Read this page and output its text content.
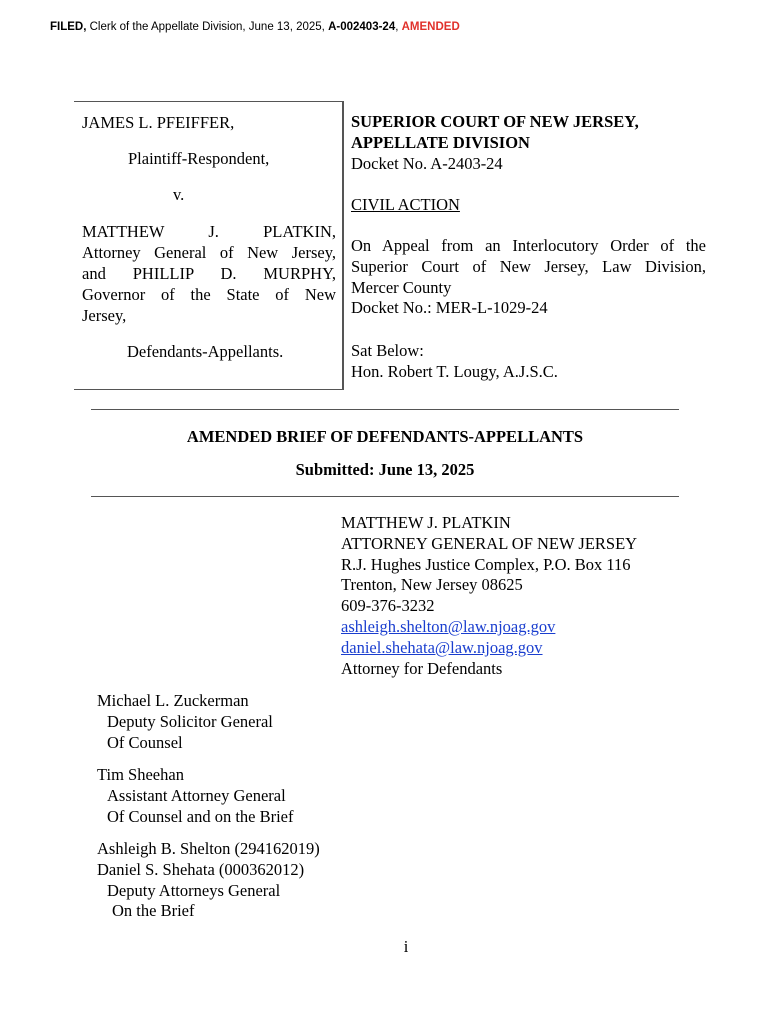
FILED, Clerk of the Appellate Division, June 13, 2025, A-002403-24, AMENDED
JAMES L. PFEIFFER,
Plaintiff-Respondent,
v.
MATTHEW J. PLATKIN,
Attorney General of New Jersey,
and PHILLIP D. MURPHY,
Governor of the State of New
Jersey,
Defendants-Appellants.
SUPERIOR COURT OF NEW JERSEY,
APPELLATE DIVISION
Docket No. A-2403-24
CIVIL ACTION
On Appeal from an Interlocutory Order of the
Superior Court of New Jersey, Law Division,
Mercer County
Docket No.: MER-L-1029-24
Sat Below:
Hon. Robert T. Lougy, A.J.S.C.
AMENDED BRIEF OF DEFENDANTS-APPELLANTS
Submitted: June 13, 2025
MATTHEW J. PLATKIN
ATTORNEY GENERAL OF NEW JERSEY
R.J. Hughes Justice Complex, P.O. Box 116
Trenton, New Jersey 08625
609-376-3232
ashleigh.shelton@law.njoag.gov
daniel.shehata@law.njoag.gov
Attorney for Defendants
Michael L. Zuckerman
Deputy Solicitor General
Of Counsel
Tim Sheehan
Assistant Attorney General
Of Counsel and on the Brief
Ashleigh B. Shelton (294162019)
Daniel S. Shehata (000362012)
Deputy Attorneys General
On the Brief
i
